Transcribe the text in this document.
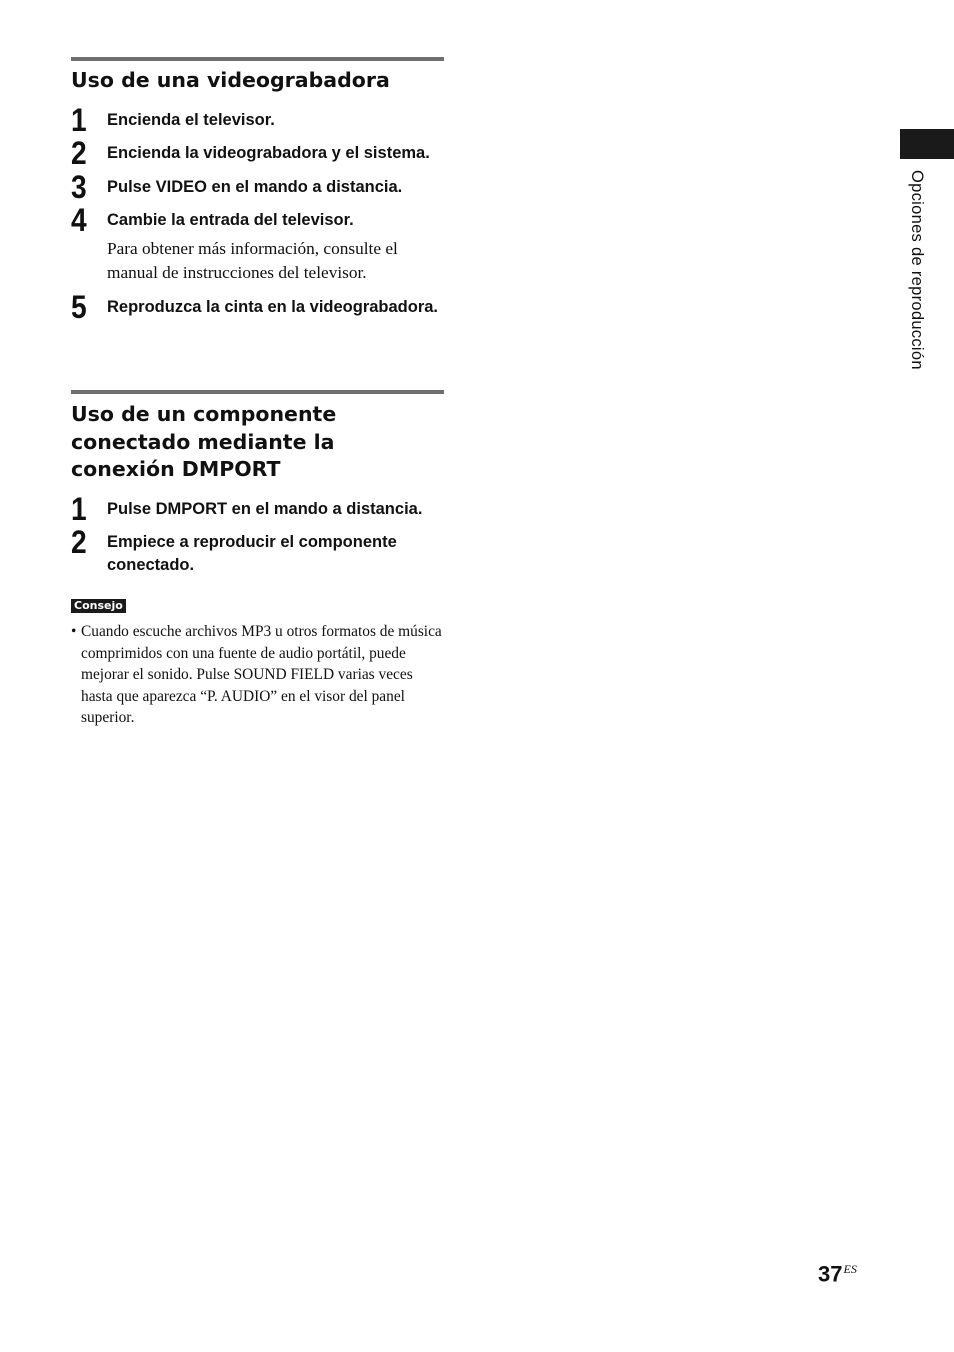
Opciones de reproducción
Uso de una videograbadora
1 Encienda el televisor.
2 Encienda la videograbadora y el sistema.
3 Pulse VIDEO en el mando a distancia.
4 Cambie la entrada del televisor.
Para obtener más información, consulte el manual de instrucciones del televisor.
5 Reproduzca la cinta en la videograbadora.
Uso de un componente conectado mediante la conexión DMPORT
1 Pulse DMPORT en el mando a distancia.
2 Empiece a reproducir el componente conectado.
Consejo
• Cuando escuche archivos MP3 u otros formatos de música comprimidos con una fuente de audio portátil, puede mejorar el sonido. Pulse SOUND FIELD varias veces hasta que aparezca “P. AUDIO” en el visor del panel superior.
$37^{ES}$
